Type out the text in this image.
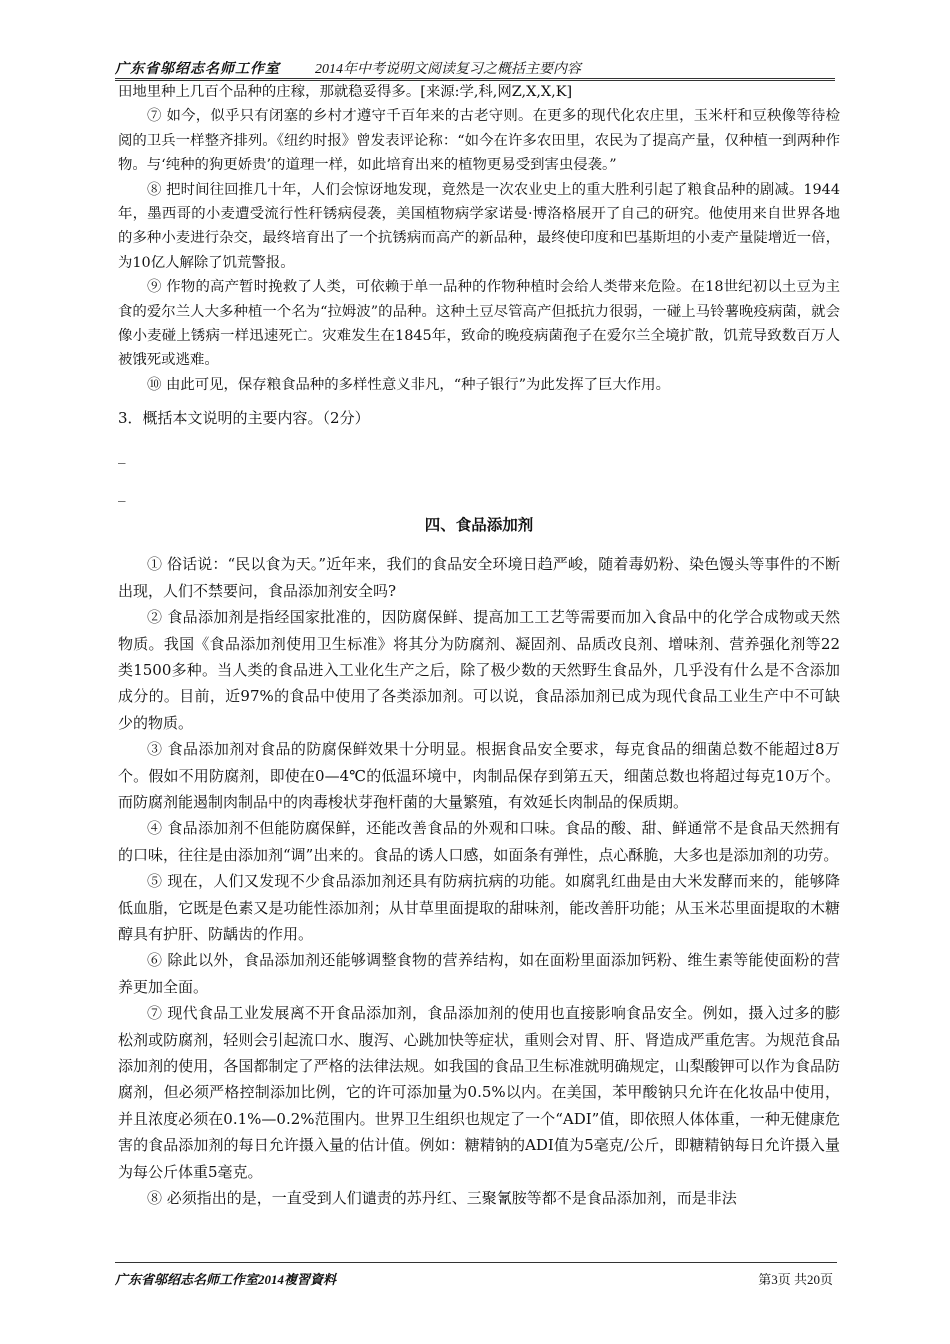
广东省邬绍志名师工作室	2014年中考说明文阅读复习之概括主要内容

田地里种上几百个品种的庄稼，那就稳妥得多。[来源:学,科,网Z,X,X,K]

⑦ 如今，似乎只有闭塞的乡村才遵守千百年来的古老守则。在更多的现代化农庄里，玉米杆和豆秧像等待检阅的卫兵一样整齐排列。《纽约时报》曾发表评论称：“如今在许多农田里，农民为了提高产量，仅种植一到两种作物。与‘纯种的狗更娇贵’的道理一样，如此培育出来的植物更易受到害虫侵袭。”

⑧ 把时间往回推几十年，人们会惊讶地发现，竟然是一次农业史上的重大胜利引起了粮食品种的剧减。1944年，墨西哥的小麦遭受流行性秆锈病侵袭，美国植物病学家诺曼·博洛格展开了自己的研究。他使用来自世界各地的多种小麦进行杂交，最终培育出了一个抗锈病而高产的新品种，最终使印度和巴基斯坦的小麦产量陡增近一倍，为10亿人解除了饥荒警报。

⑨ 作物的高产暂时挽救了人类，可依赖于单一品种的作物种植时会给人类带来危险。在18世纪初以土豆为主食的爱尔兰人大多种植一个名为“拉姆波”的品种。这种土豆尽管高产但抵抗力很弱，一碰上马铃薯晚疫病菌，就会像小麦碰上锈病一样迅速死亡。灾难发生在1845年，致命的晚疫病菌孢子在爱尔兰全境扩散，饥荒导致数百万人被饿死或逃难。

⑩ 由此可见，保存粮食品种的多样性意义非凡，“种子银行”为此发挥了巨大作用。

3．概括本文说明的主要内容。（2分）

_
_
四、食品添加剂

① 俗话说：“民以食为天。”近年来，我们的食品安全环境日趋严峻，随着毒奶粉、染色馒头等事件的不断出现，人们不禁要问，食品添加剂安全吗?

② 食品添加剂是指经国家批准的，因防腐保鲜、提高加工工艺等需要而加入食品中的化学合成物或天然物质。我国《食品添加剂使用卫生标准》将其分为防腐剂、凝固剂、品质改良剂、增味剂、营养强化剂等22类1500多种。当人类的食品进入工业化生产之后，除了极少数的天然野生食品外，几乎没有什么是不含添加成分的。目前，近97%的食品中使用了各类添加剂。可以说，食品添加剂已成为现代食品工业生产中不可缺少的物质。

③ 食品添加剂对食品的防腐保鲜效果十分明显。根据食品安全要求，每克食品的细菌总数不能超过8万个。假如不用防腐剂，即使在0—4℃的低温环境中，肉制品保存到第五天，细菌总数也将超过每克10万个。而防腐剂能遏制肉制品中的肉毒梭状芽孢杆菌的大量繁殖，有效延长肉制品的保质期。

④ 食品添加剂不但能防腐保鲜，还能改善食品的外观和口味。食品的酸、甜、鲜通常不是食品天然拥有的口味，往往是由添加剂“调”出来的。食品的诱人口感，如面条有弹性，点心酥脆，大多也是添加剂的功劳。

⑤ 现在，人们又发现不少食品添加剂还具有防病抗病的功能。如腐乳红曲是由大米发酵而来的，能够降低血脂，它既是色素又是功能性添加剂；从甘草里面提取的甜味剂，能改善肝功能；从玉米芯里面提取的木糖醇具有护肝、防龋齿的作用。

⑥ 除此以外，食品添加剂还能够调整食物的营养结构，如在面粉里面添加钙粉、维生素等能使面粉的营养更加全面。

⑦ 现代食品工业发展离不开食品添加剂，食品添加剂的使用也直接影响食品安全。例如，摄入过多的膨松剂或防腐剂，轻则会引起流口水、腹泻、心跳加快等症状，重则会对胃、肝、肾造成严重危害。为规范食品添加剂的使用，各国都制定了严格的法律法规。如我国的食品卫生标准就明确规定，山梨酸钾可以作为食品防腐剂，但必须严格控制添加比例，它的许可添加量为0.5%以内。在美国，苯甲酸钠只允许在化妆品中使用，并且浓度必须在0.1%—0.2%范围内。世界卫生组织也规定了一个“ADI”值，即依照人体体重，一种无健康危害的食品添加剂的每日允许摄入量的估计值。例如：糖精钠的ADI值为5毫克/公斤，即糖精钠每日允许摄入量为每公斤体重5毫克。

⑧ 必须指出的是，一直受到人们谴责的苏丹红、三聚氰胺等都不是食品添加剂，而是非法

广东省邬绍志名师工作室2014複習資料	第3页 共20页
